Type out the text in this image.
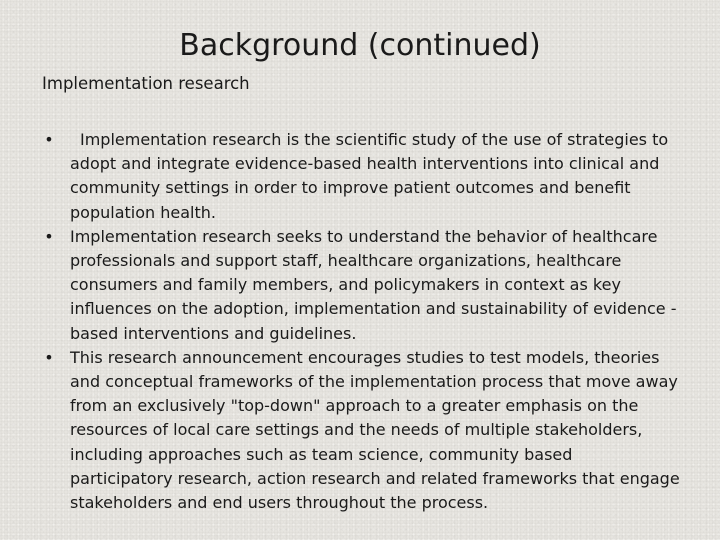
Background (continued)

Implementation research

•	Implementation research is the scientific study of the use of strategies to adopt and integrate evidence-based health interventions into clinical and community settings in order to improve patient outcomes and benefit population health.
•	Implementation research seeks to understand the behavior of healthcare professionals and support staff, healthcare organizations, healthcare consumers and family members, and policymakers in context as key influences on the adoption, implementation and sustainability of evidence -based interventions and guidelines.
•	This research announcement encourages studies to test models, theories and conceptual frameworks of the implementation process that move away from an exclusively "top-down" approach to a greater emphasis on the resources of local care settings and the needs of multiple stakeholders, including approaches such as team science, community based participatory research, action research and related frameworks that engage stakeholders and end users throughout the process.
